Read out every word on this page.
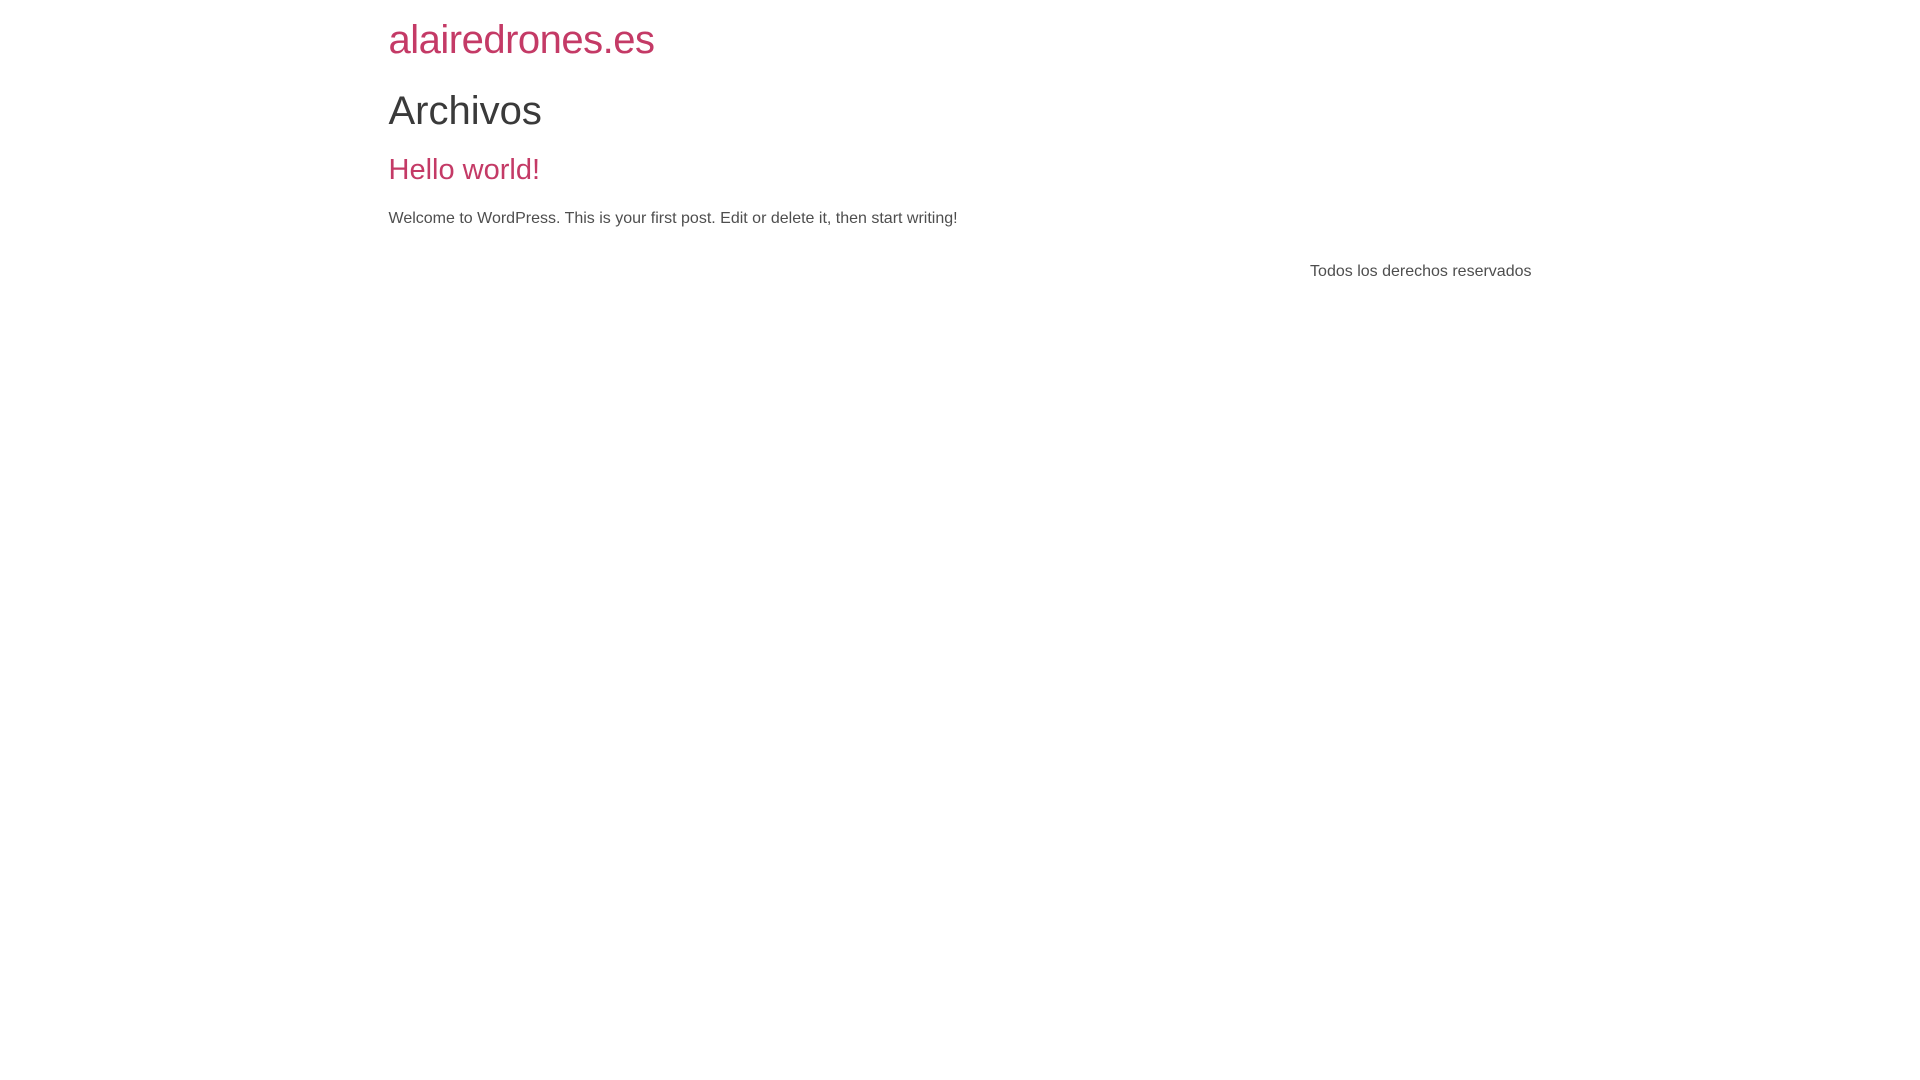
alairedrones.es
Archivos
Hello world!

Welcome to WordPress. This is your first post. Edit or delete it, then start writing!

Todos los derechos reservados
